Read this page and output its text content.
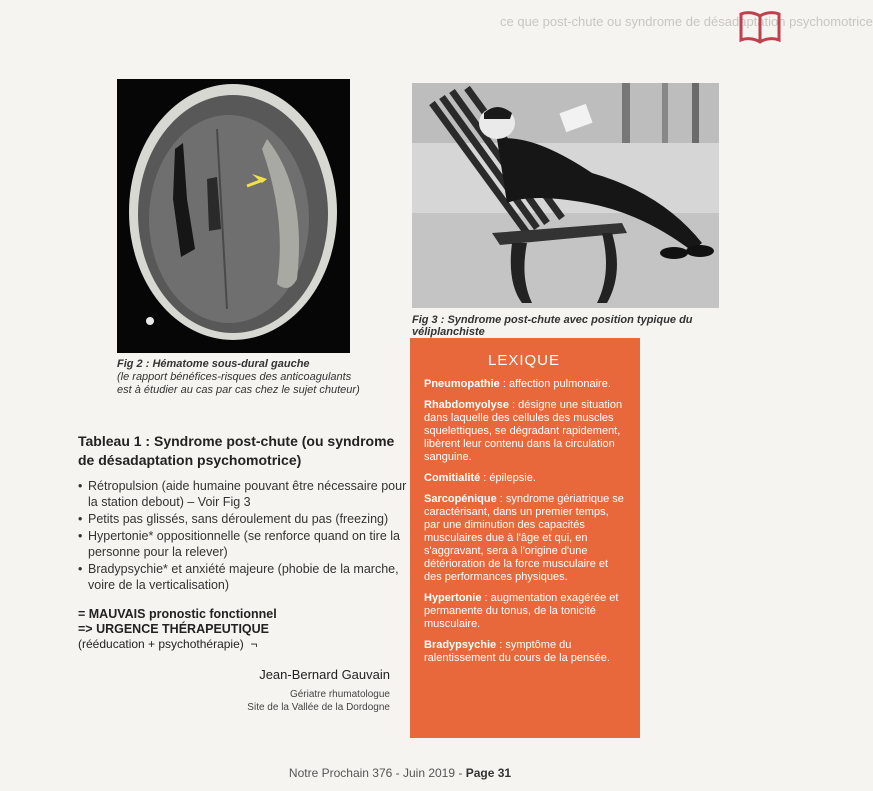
ce que post-chute ou syndrome de désadaptation psychomotrice
Fig 2 : Hématome sous-dural gauche
(le rapport bénéfices-risques des anticoagulants est à étudier au cas par cas chez le sujet chuteur)
Fig 3 : Syndrome post-chute avec position typique du véliplanchiste
Tableau 1 : Syndrome post-chute (ou syndrome de désadaptation psychomotrice)
• Rétropulsion (aide humaine pouvant être nécessaire pour la station debout) – Voir Fig 3
• Petits pas glissés, sans déroulement du pas (freezing)
• Hypertonie* oppositionnelle (se renforce quand on tire la personne pour la relever)
• Bradypsychie* et anxiété majeure (phobie de la marche, voire de la verticalisation)
= MAUVAIS pronostic fonctionnel
=> URGENCE THÉRAPEUTIQUE
(rééducation + psychothérapie) ¬
Jean-Bernard Gauvain
Gériatre rhumatologue
Site de la Vallée de la Dordogne
LEXIQUE
Pneumopathie : affection pulmonaire.
Rhabdomyolyse : désigne une situation dans laquelle des cellules des muscles squelettiques, se dégradant rapidement, libèrent leur contenu dans la circulation sanguine.
Comitialité : épilepsie.
Sarcopénique : syndrome gériatrique se caractérisant, dans un premier temps, par une diminution des capacités musculaires due à l'âge et qui, en s'aggravant, sera à l'origine d'une détérioration de la force musculaire et des performances physiques.
Hypertonie : augmentation exagérée et permanente du tonus, de la tonicité musculaire.
Bradypsychie : symptôme du ralentissement du cours de la pensée.
Notre Prochain 376 - Juin 2019 - Page 31
